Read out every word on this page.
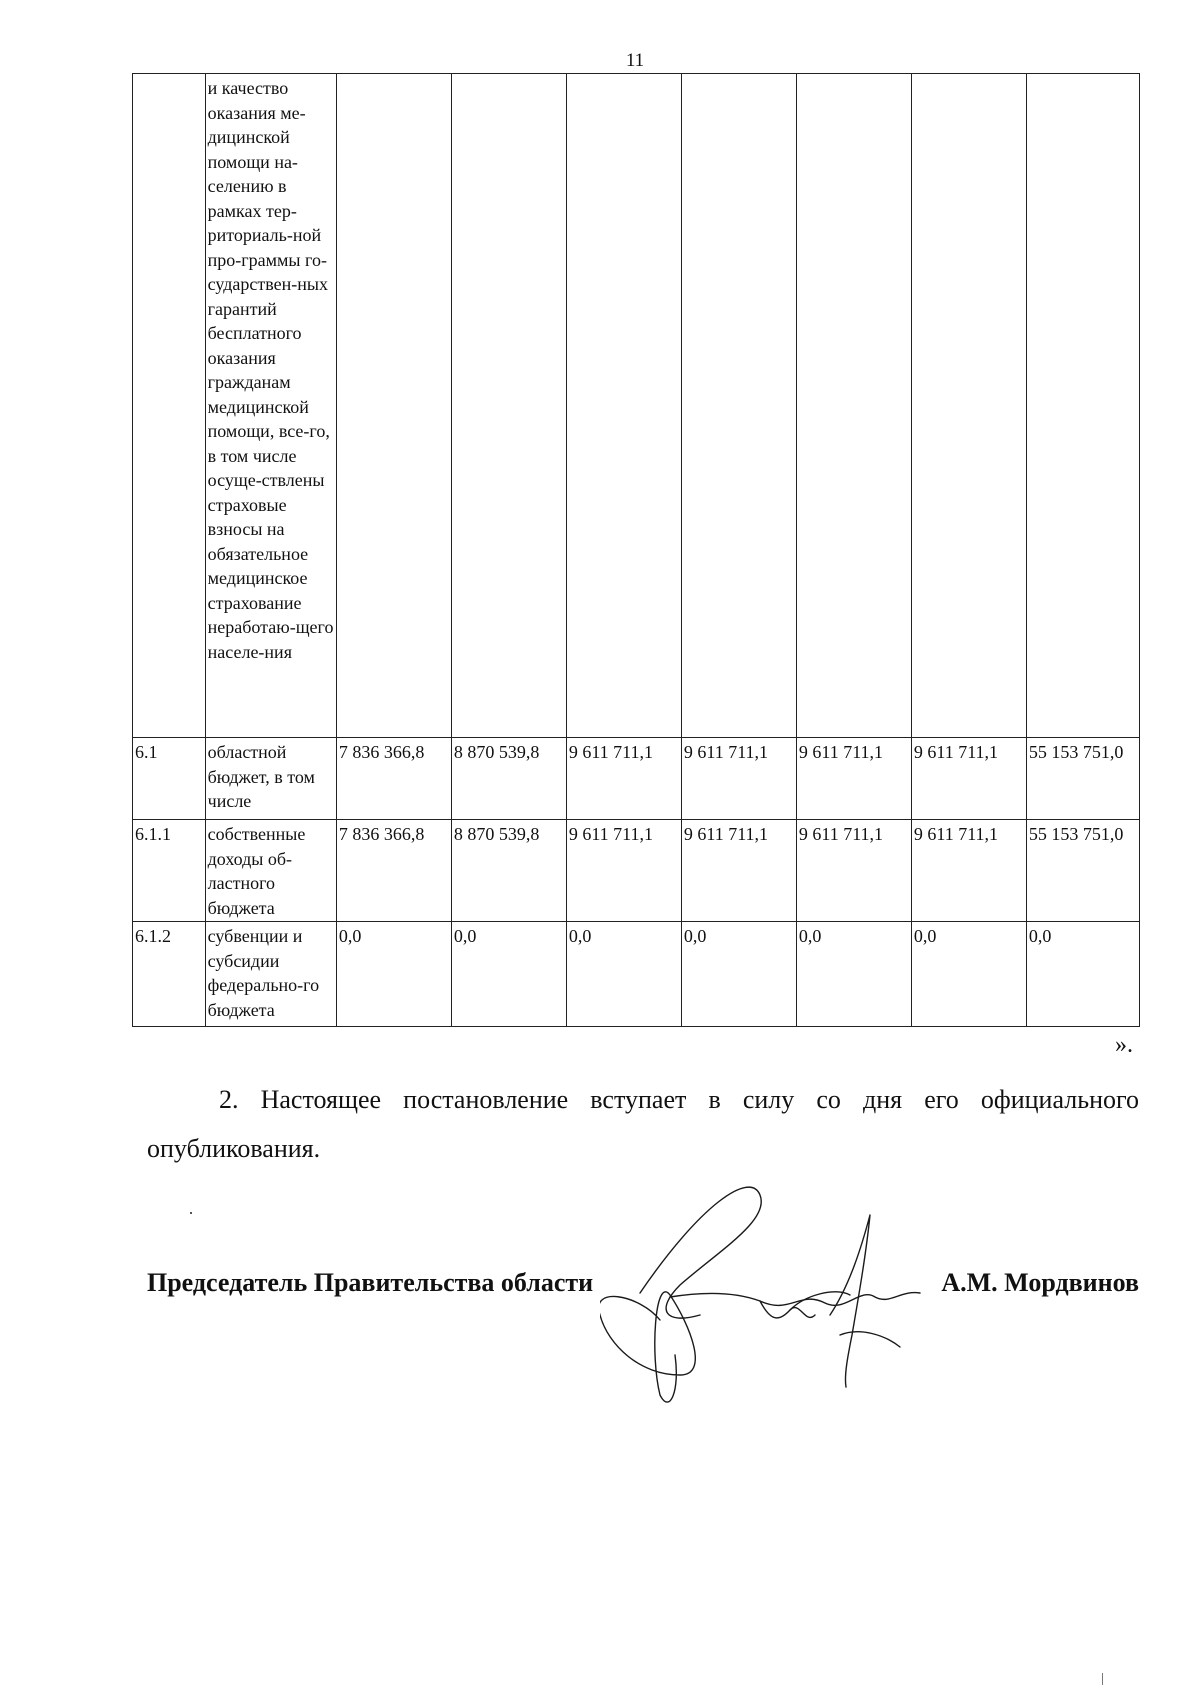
11
	и качество оказания ме-дицинской помощи на-селению в рамках тер-риториаль-ной про-граммы го-сударствен-ных гарантий бесплатного оказания гражданам медицинской помощи, все-го, в том числе осуще-ствлены страховые взносы на обязательное медицинское страхование неработаю-щего населе-ния							
6.1	областной бюджет, в том числе	7 836 366,8	8 870 539,8	9 611 711,1	9 611 711,1	9 611 711,1	9 611 711,1	55 153 751,0
6.1.1	собственные доходы об-ластного бюджета	7 836 366,8	8 870 539,8	9 611 711,1	9 611 711,1	9 611 711,1	9 611 711,1	55 153 751,0
6.1.2	субвенции и субсидии федерально-го бюджета	0,0	0,0	0,0	0,0	0,0	0,0	0,0
».
2. Настоящее постановление вступает в силу со дня его официального
опубликования.
Председатель Правительства области	А.М. Мордвинов
